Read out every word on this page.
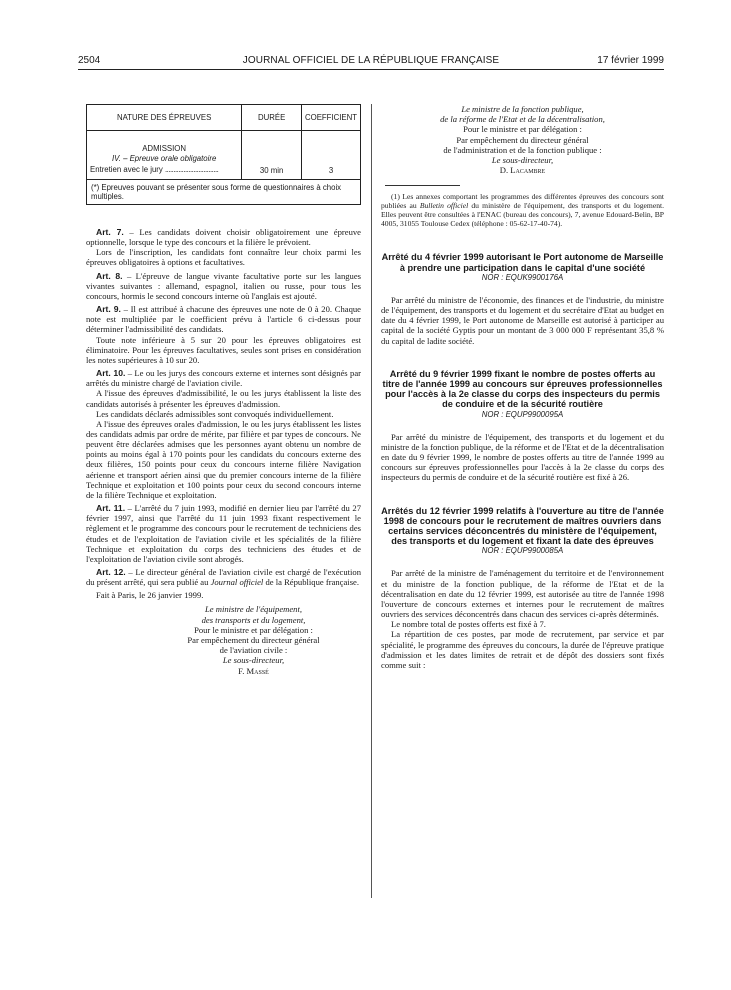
2504	JOURNAL OFFICIEL DE LA RÉPUBLIQUE FRANÇAISE	17 février 1999
NATURE DES ÉPREUVES	DURÉE	COEFFICIENT

ADMISSION
IV. – Epreuve orale obligatoire
Entretien avec le jury ................................	30 min	3
(*) Epreuves pouvant se présenter sous forme de questionnaires à choix multiples.

Art. 7. – Les candidats doivent choisir obligatoirement une épreuve optionnelle, lorsque le type des concours et la filière le prévoient.

Lors de l'inscription, les candidats font connaître leur choix parmi les épreuves obligatoires à options et facultatives.

Art. 8. – L'épreuve de langue vivante facultative porte sur les langues vivantes suivantes : allemand, espagnol, italien ou russe, pour tous les concours, hormis le second concours interne où l'anglais est ajouté.

Art. 9. – Il est attribué à chacune des épreuves une note de 0 à 20. Chaque note est multipliée par le coefficient prévu à l'article 6 ci-dessus pour déterminer l'admissibilité des candidats.

Toute note inférieure à 5 sur 20 pour les épreuves obligatoires est éliminatoire. Pour les épreuves facultatives, seules sont prises en considération les notes supérieures à 10 sur 20.

Art. 10. – Le ou les jurys des concours externe et internes sont désignés par arrêtés du ministre chargé de l'aviation civile.

A l'issue des épreuves d'admissibilité, le ou les jurys établissent la liste des candidats autorisés à présenter les épreuves d'admission.

Les candidats déclarés admissibles sont convoqués individuellement.

A l'issue des épreuves orales d'admission, le ou les jurys établissent les listes des candidats admis par ordre de mérite, par filière et par types de concours. Ne peuvent être déclarées admises que les personnes ayant obtenu un nombre de points au moins égal à 170 points pour les candidats du concours externe des deux filières, 150 points pour ceux du concours interne filière Navigation aérienne et transport aérien ainsi que du premier concours interne de la filière Technique et exploitation et 100 points pour ceux du second concours interne de la filière Technique et exploitation.

Art. 11. – L'arrêté du 7 juin 1993, modifié en dernier lieu par l'arrêté du 27 février 1997, ainsi que l'arrêté du 11 juin 1993 fixant respectivement le règlement et le programme des concours pour le recrutement de techniciens des études et de l'exploitation de l'aviation civile et les spécialités de la filière Technique et exploitation du corps des techniciens des études et de l'exploitation de l'aviation civile sont abrogés.

Art. 12. – Le directeur général de l'aviation civile est chargé de l'exécution du présent arrêté, qui sera publié au Journal officiel de la République française.

Fait à Paris, le 26 janvier 1999.

Le ministre de l'équipement,
des transports et du logement,
Pour le ministre et par délégation :
Par empêchement du directeur général
de l'aviation civile :
Le sous-directeur,
F. Massé
Le ministre de la fonction publique,
de la réforme de l'Etat et de la décentralisation,
Pour le ministre et par délégation :
Par empêchement du directeur général
de l'administration et de la fonction publique :
Le sous-directeur,
D. Lacambre

(1) Les annexes comportant les programmes des différentes épreuves des concours sont publiées au Bulletin officiel du ministère de l'équipement, des transports et du logement. Elles peuvent être consultées à l'ENAC (bureau des concours), 7, avenue Edouard-Belin, BP 4005, 31055 Toulouse Cedex (téléphone : 05-62-17-40-74).

Arrêté du 4 février 1999 autorisant le Port autonome de Marseille à prendre une participation dans le capital d'une société

NOR : EQUK9900176A

Par arrêté du ministre de l'économie, des finances et de l'industrie, du ministre de l'équipement, des transports et du logement et du secrétaire d'Etat au budget en date du 4 février 1999, le Port autonome de Marseille est autorisé à participer au capital de la société Gyptis pour un montant de 3 000 000 F représentant 35,8 % du capital de ladite société.

Arrêté du 9 février 1999 fixant le nombre de postes offerts au titre de l'année 1999 au concours sur épreuves professionnelles pour l'accès à la 2e classe du corps des inspecteurs du permis de conduire et de la sécurité routière

NOR : EQUP9900095A

Par arrêté du ministre de l'équipement, des transports et du logement et du ministre de la fonction publique, de la réforme et de l'Etat et de la décentralisation en date du 9 février 1999, le nombre de postes offerts au titre de l'année 1999 au concours sur épreuves professionnelles pour l'accès à la 2e classe du corps des inspecteurs du permis de conduire et de la sécurité routière est fixé à 26.

Arrêtés du 12 février 1999 relatifs à l'ouverture au titre de l'année 1998 de concours pour le recrutement de maîtres ouvriers dans certains services déconcentrés du ministère de l'équipement, des transports et du logement et fixant la date des épreuves

NOR : EQUP9900085A

Par arrêté de la ministre de l'aménagement du territoire et de l'environnement et du ministre de la fonction publique, de la réforme de l'Etat et de la décentralisation en date du 12 février 1999, est autorisée au titre de l'année 1998 l'ouverture de concours externes et internes pour le recrutement de maîtres ouvriers des services déconcentrés dans chacun des services ci-après déterminés.

Le nombre total de postes offerts est fixé à 7.

La répartition de ces postes, par mode de recrutement, par service et par spécialité, le programme des épreuves du concours, la durée de l'épreuve pratique d'admission et les dates limites de retrait et de dépôt des dossiers sont fixés comme suit :
